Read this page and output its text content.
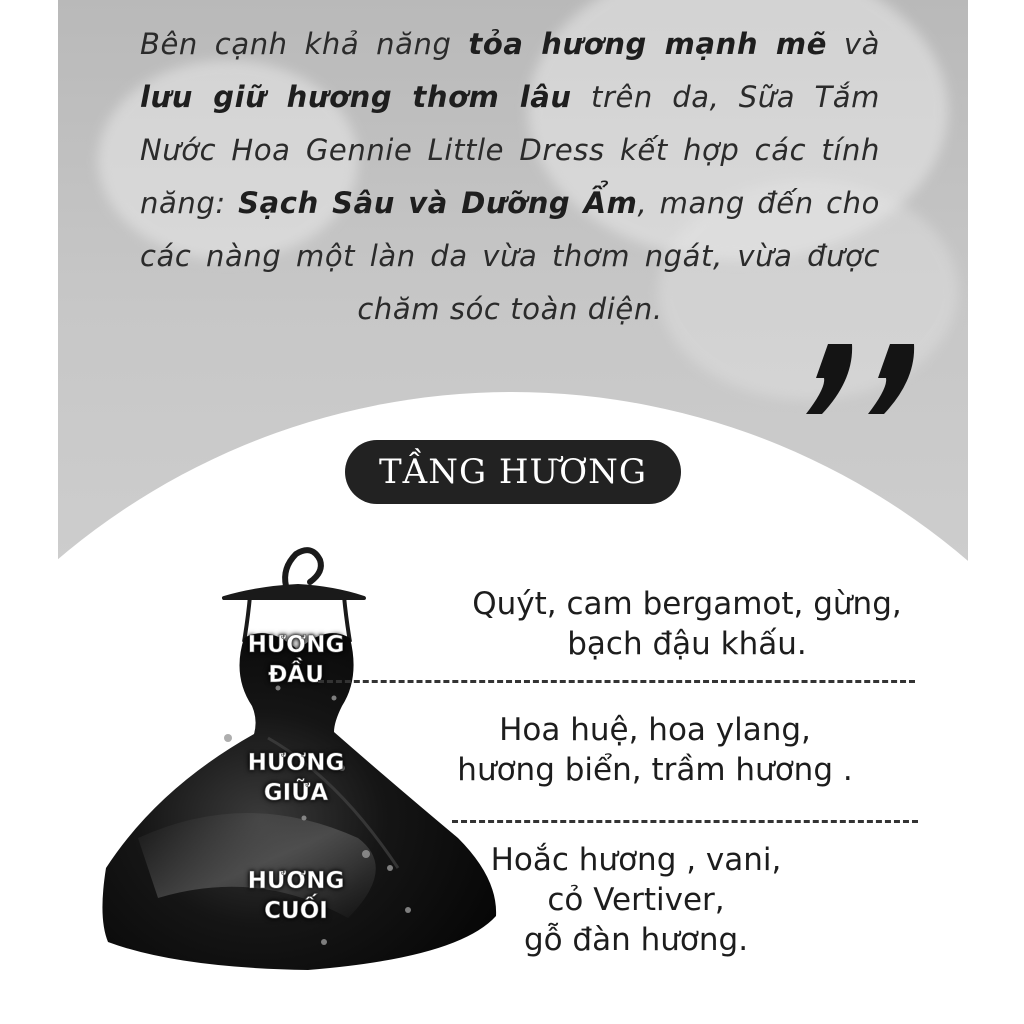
Bên cạnh khả năng tỏa hương mạnh mẽ và lưu giữ hương thơm lâu trên da, Sữa Tắm Nước Hoa Gennie Little Dress kết hợp các tính năng: Sạch Sâu và Dưỡng Ẩm, mang đến cho các nàng một làn da vừa thơm ngát, vừa được chăm sóc toàn diện.

TẦNG HƯƠNG
HƯƠNG
ĐẦU
HƯƠNG
GIỮA
HƯƠNG
CUỐI
Quýt, cam bergamot, gừng,
bạch đậu khấu.
Hoa huệ, hoa ylang,
hương biển, trầm hương .
Hoắc hương , vani,
cỏ Vertiver,
gỗ đàn hương.
